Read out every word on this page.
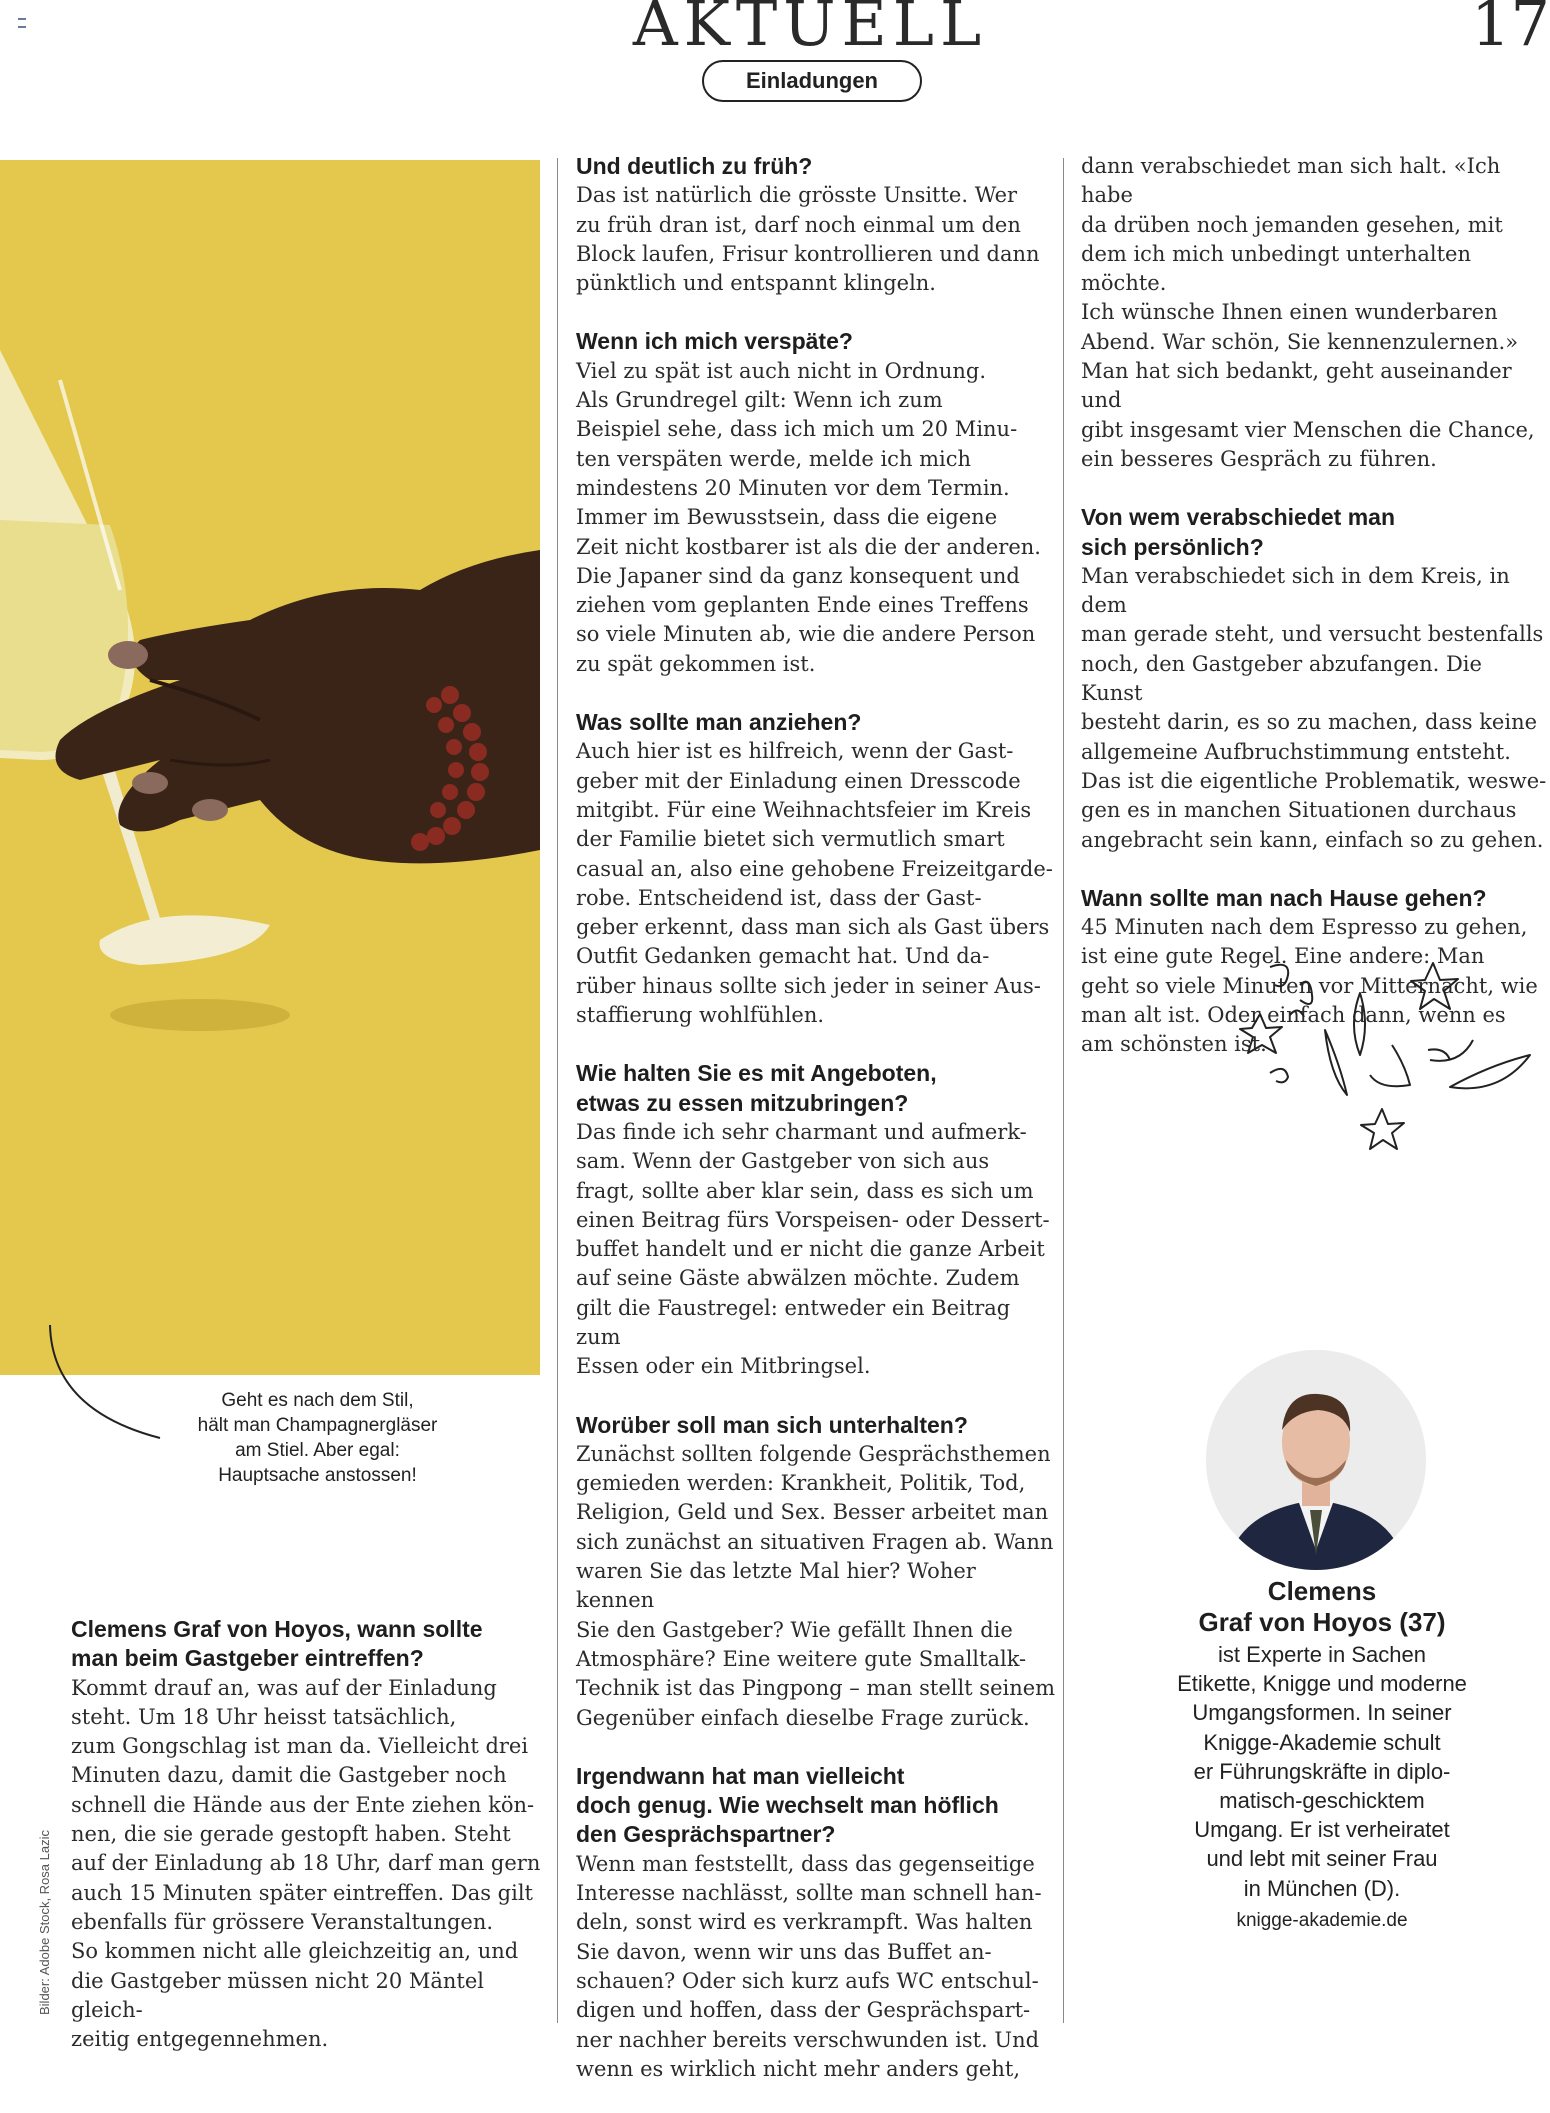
AKTUELL	17
Einladungen
Geht es nach dem Stil,
hält man Champagnergläser
am Stiel. Aber egal:
Hauptsache anstossen!
Bilder: Adobe Stock, Rosa Lazic
Clemens Graf von Hoyos, wann sollte
man beim Gastgeber eintreffen?

Kommt drauf an, was auf der Einladung
steht. Um 18 Uhr heisst tatsächlich,
zum Gongschlag ist man da. Vielleicht drei
Minuten dazu, damit die Gastgeber noch
schnell die Hände aus der Ente ziehen kön-
nen, die sie gerade gestopft haben. Steht
auf der Einladung ab 18 Uhr, darf man gern
auch 15 Minuten später eintreffen. Das gilt
ebenfalls für grössere Veranstaltungen.
So kommen nicht alle gleichzeitig an, und
die Gastgeber müssen nicht 20 Mäntel gleich-
zeitig entgegennehmen.

Und deutlich zu früh?

Das ist natürlich die grösste Unsitte. Wer
zu früh dran ist, darf noch einmal um den
Block laufen, Frisur kontrollieren und dann
pünktlich und entspannt klingeln.

Wenn ich mich verspäte?

Viel zu spät ist auch nicht in Ordnung.
Als Grundregel gilt: Wenn ich zum
Beispiel sehe, dass ich mich um 20 Minu-
ten verspäten werde, melde ich mich
mindestens 20 Minuten vor dem Termin.
Immer im Bewusstsein, dass die eigene
Zeit nicht kostbarer ist als die der anderen.
Die Japaner sind da ganz konsequent und
ziehen vom geplanten Ende eines Treffens
so viele Minuten ab, wie die andere Person
zu spät gekommen ist.

Was sollte man anziehen?

Auch hier ist es hilfreich, wenn der Gast-
geber mit der Einladung einen Dresscode
mitgibt. Für eine Weihnachtsfeier im Kreis
der Familie bietet sich vermutlich smart
casual an, also eine gehobene Freizeitgarde-
robe. Entscheidend ist, dass der Gast-
geber erkennt, dass man sich als Gast übers
Outfit Gedanken gemacht hat. Und da-
rüber hinaus sollte sich jeder in seiner Aus-
staffierung wohlfühlen.

Wie halten Sie es mit Angeboten,
etwas zu essen mitzubringen?

Das finde ich sehr charmant und aufmerk-
sam. Wenn der Gastgeber von sich aus
fragt, sollte aber klar sein, dass es sich um
einen Beitrag fürs Vorspeisen- oder Dessert-
buffet handelt und er nicht die ganze Arbeit
auf seine Gäste abwälzen möchte. Zudem
gilt die Faustregel: entweder ein Beitrag zum
Essen oder ein Mitbringsel.

Worüber soll man sich unterhalten?

Zunächst sollten folgende Gesprächsthemen
gemieden werden: Krankheit, Politik, Tod,
Religion, Geld und Sex. Besser arbeitet man
sich zunächst an situativen Fragen ab. Wann
waren Sie das letzte Mal hier? Woher kennen
Sie den Gastgeber? Wie gefällt Ihnen die
Atmosphäre? Eine weitere gute Smalltalk-
Technik ist das Pingpong – man stellt seinem
Gegenüber einfach dieselbe Frage zurück.

Irgendwann hat man vielleicht
doch genug. Wie wechselt man höflich
den Gesprächspartner?

Wenn man feststellt, dass das gegenseitige
Interesse nachlässt, sollte man schnell han-
deln, sonst wird es verkrampft. Was halten
Sie davon, wenn wir uns das Buffet an-
schauen? Oder sich kurz aufs WC entschul-
digen und hoffen, dass der Gesprächspart-
ner nachher bereits verschwunden ist. Und
wenn es wirklich nicht mehr anders geht,

dann verabschiedet man sich halt. «Ich habe
da drüben noch jemanden gesehen, mit
dem ich mich unbedingt unterhalten möchte.
Ich wünsche Ihnen einen wunderbaren
Abend. War schön, Sie kennenzulernen.»
Man hat sich bedankt, geht auseinander und
gibt insgesamt vier Menschen die Chance,
ein besseres Gespräch zu führen.

Von wem verabschiedet man
sich persönlich?

Man verabschiedet sich in dem Kreis, in dem
man gerade steht, und versucht bestenfalls
noch, den Gastgeber abzufangen. Die Kunst
besteht darin, es so zu machen, dass keine
allgemeine Aufbruchstimmung entsteht.
Das ist die eigentliche Problematik, weswe-
gen es in manchen Situationen durchaus
angebracht sein kann, einfach so zu gehen.

Wann sollte man nach Hause gehen?

45 Minuten nach dem Espresso zu gehen,
ist eine gute Regel. Eine andere: Man
geht so viele Minuten vor Mitternacht, wie
man alt ist. Oder einfach dann, wenn es
am schönsten ist.

Clemens
Graf von Hoyos (37)
ist Experte in Sachen
Etikette, Knigge und moderne
Umgangsformen. In seiner
Knigge-Akademie schult
er Führungskräfte in diplo-
matisch-geschicktem
Umgang. Er ist verheiratet
und lebt mit seiner Frau
in München (D).
knigge-akademie.de
